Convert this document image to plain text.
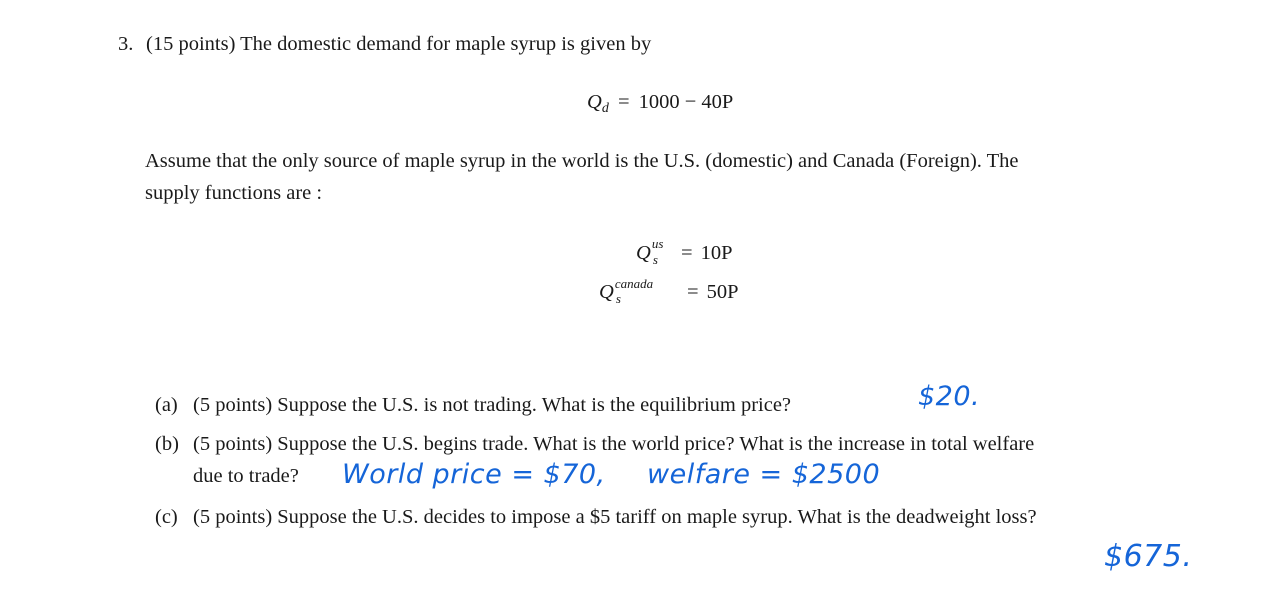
3. (15 points) The domestic demand for maple syrup is given by
Qd = 1000 − 40P
Assume that the only source of maple syrup in the world is the U.S. (domestic) and Canada (Foreign). The
supply functions are :
Q us
s = 10P
Q canada
s	= 50P
(a) (5 points) Suppose the U.S. is not trading. What is the equilibrium price?	$20.
(b) (5 points) Suppose the U.S. begins trade. What is the world price? What is the increase in total welfare
due to trade? World price = $70, welfare = $2500
(c) (5 points) Suppose the U.S. decides to impose a $5 tariff on maple syrup. What is the deadweight loss?
$675.
